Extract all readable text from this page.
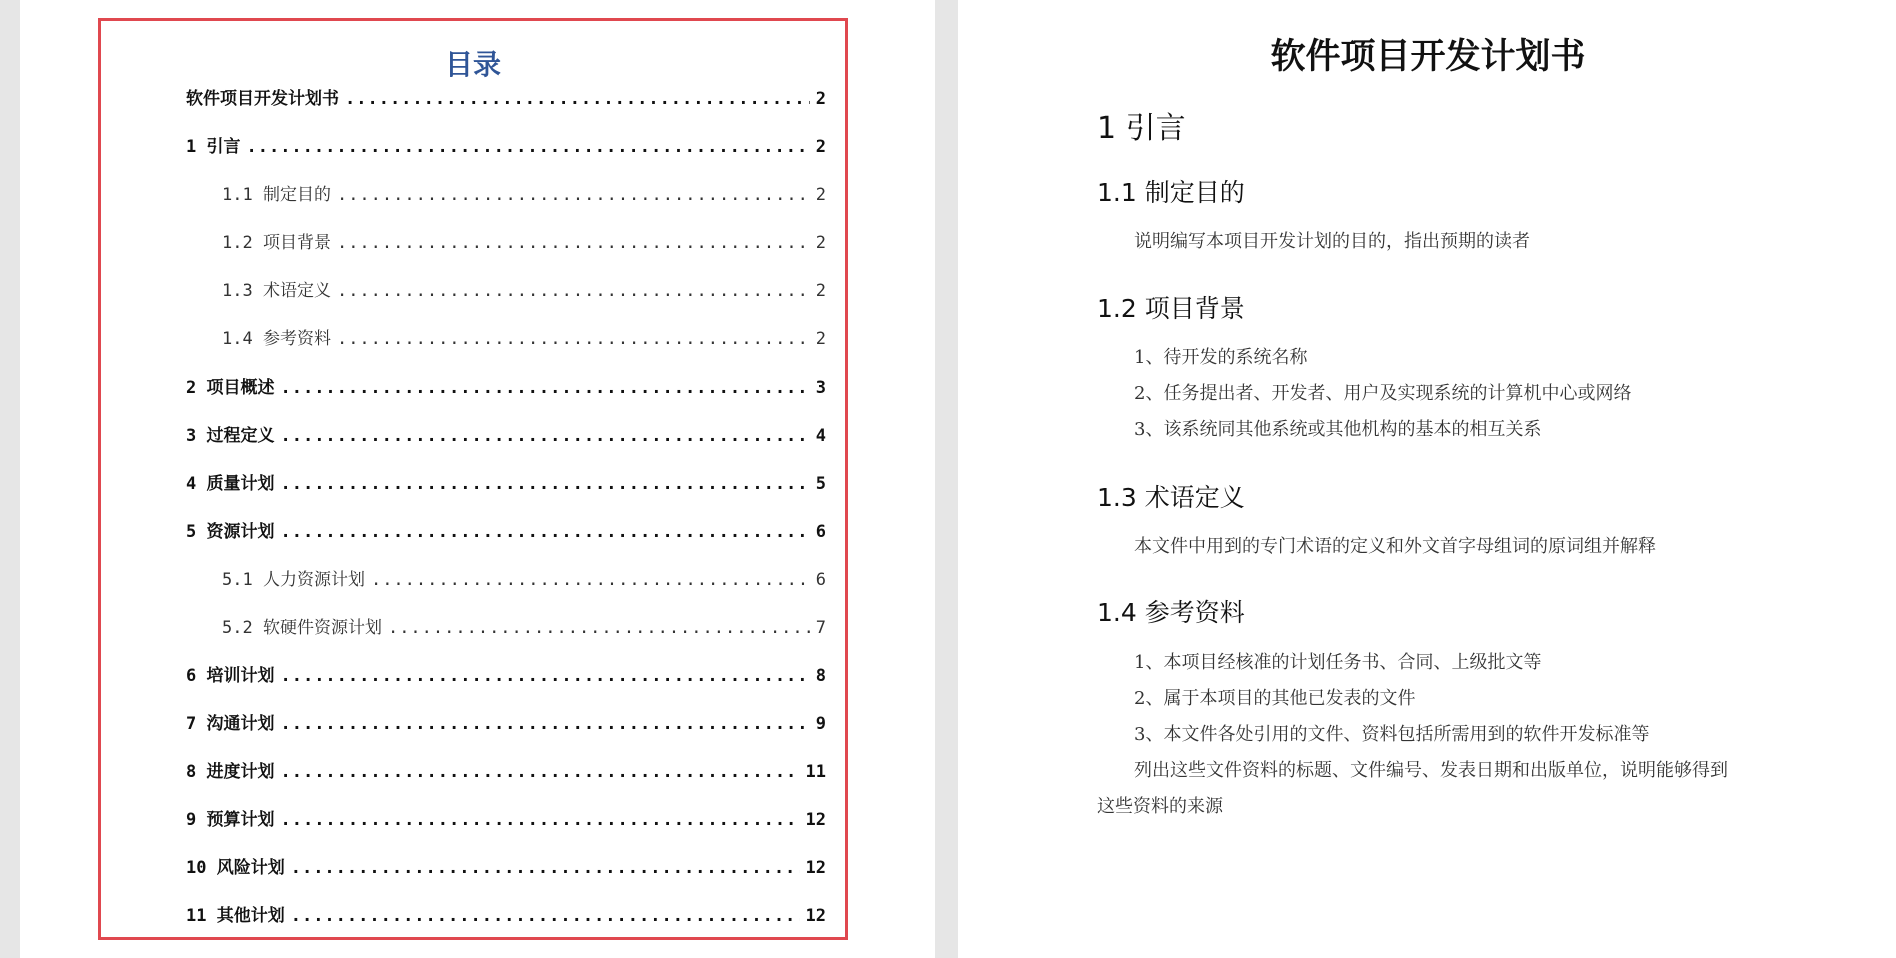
目录
软件项目开发计划书 .....	2
1 引言 .....	2
1.1 制定目的 .....	2
1.2 项目背景 .....	2
1.3 术语定义 .....	2
1.4 参考资料 .....	2
2 项目概述 .....	3
3 过程定义 .....	4
4 质量计划 .....	5
5 资源计划 .....	6
5.1 人力资源计划 .....	6
5.2 软硬件资源计划 .....	7
6 培训计划 .....	8
7 沟通计划 .....	9
8 进度计划 .....	11
9 预算计划 .....	12
10 风险计划 .....	12
11 其他计划 .....	12
软件项目开发计划书
1 引言
1.1 制定目的
说明编写本项目开发计划的目的，指出预期的读者
1.2 项目背景
1、待开发的系统名称
2、任务提出者、开发者、用户及实现系统的计算机中心或网络
3、该系统同其他系统或其他机构的基本的相互关系
1.3 术语定义
本文件中用到的专门术语的定义和外文首字母组词的原词组并解释
1.4 参考资料
1、本项目经核准的计划任务书、合同、上级批文等
2、属于本项目的其他已发表的文件
3、本文件各处引用的文件、资料包括所需用到的软件开发标准等
列出这些文件资料的标题、文件编号、发表日期和出版单位，说明能够得到
这些资料的来源
